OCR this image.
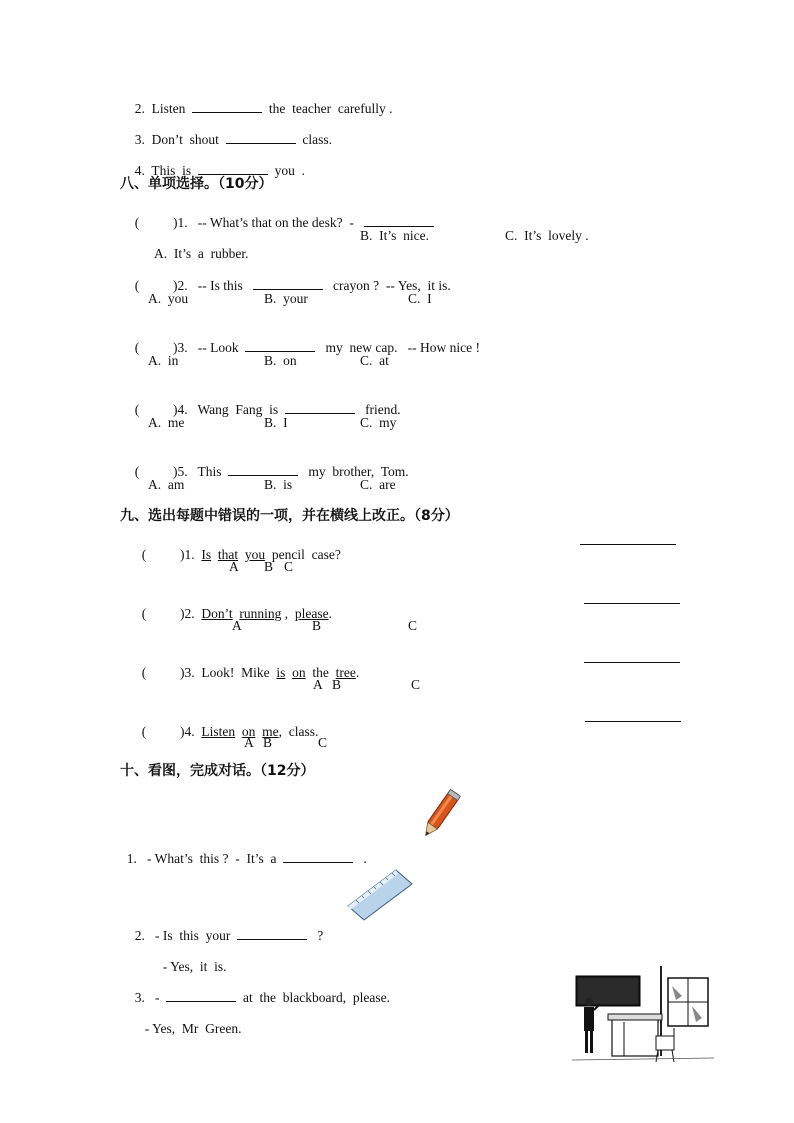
2. Listen	the  teacher  carefully .

3. Don’t  shout	class.

4. This  is	you  .

八、单项选择。（10分）

(	)1. -- What’s that on the desk?  -

A.  It’s  a  rubber.

B.  It’s  nice.	C.  It’s  lovely .

(	)2. -- Is this	crayon ?  -- Yes,  it is.

A.  you	B.  your	C.  I

(	)3. -- Look	my  new cap.   -- How nice !

A.  in	B.  on	C.  at

(	)4. Wang  Fang  is	friend.

A.  me	B.  I	C.  my

(	)5. This	my  brother,  Tom.

A.  am	B.  is	C.  are
九、选出每题中错误的一项，并在横线上改正。（8分）

(	)1. Is that you pencil  case?

A B C

(	)2. Don’t running , please.

A	B	C

(	)3. Look!  Mike is on the tree.

A B	C

(	)4. Listen on me,  class.

A B	C
十、看图，完成对话。（12分）

1. - What’s  this ?  -  It’s  a	.

2. - Is  this  your	?

- Yes,  it  is.

3. -	at  the  blackboard,  please.

- Yes,  Mr  Green.
